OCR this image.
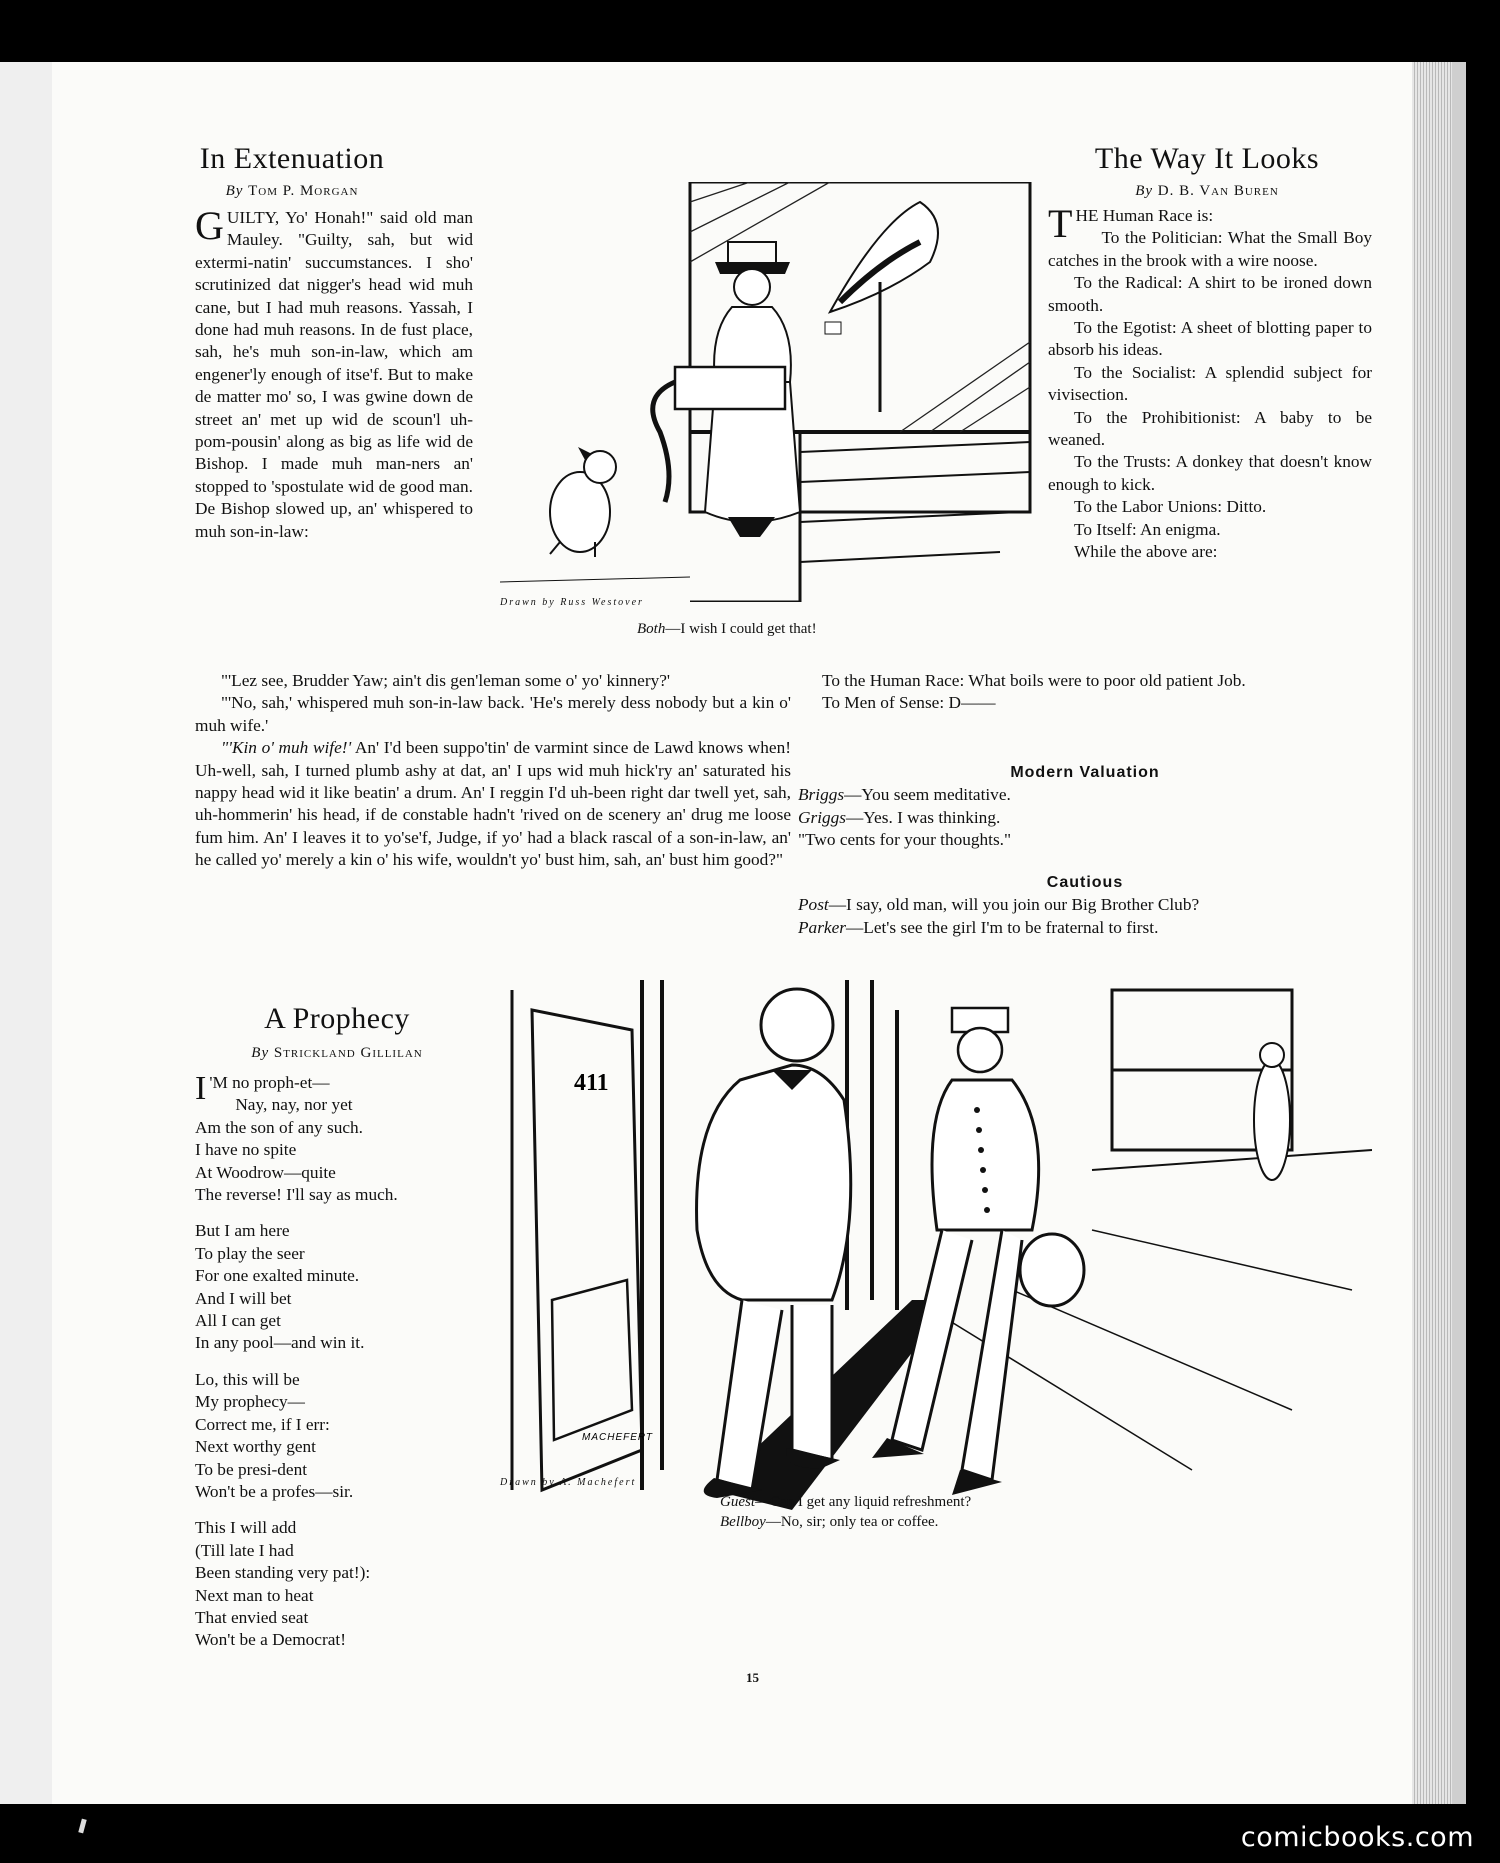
In Extenuation
By Tom P. Morgan
G UILTY, Yo' Honah!" said old man Mauley. "Guilty, sah, but wid extermi-natin' succumstances. I sho' scrutinized dat nigger's head wid muh cane, but I had muh reasons. Yassah, I done had muh reasons. In de fust place, sah, he's muh son-in-law, which am engener'ly enough of itse'f. But to make de matter mo' so, I was gwine down de street an' met up wid de scoun'l uh-pom-pousin' along as big as life wid de Bishop. I made muh man-ners an' stopped to 'spostulate wid de good man. De Bishop slowed up, an' whispered to muh son-in-law:

"'Lez see, Brudder Yaw; ain't dis gen'leman some o' yo' kinnery?'

"'No, sah,' whispered muh son-in-law back. 'He's merely dess nobody but a kin o' muh wife.'

"'Kin o' muh wife!' An' I'd been suppo'tin' de varmint since de Lawd knows when! Uh-well, sah, I turned plumb ashy at dat, an' I ups wid muh hick'ry an' saturated his nappy head wid it like beatin' a drum. An' I reggin I'd uh-been right dar twell yet, sah, uh-hommerin' his head, if de constable hadn't 'rived on de scenery an' drug me loose fum him. An' I leaves it to yo'se'f, Judge, if yo' had a black rascal of a son-in-law, an' he called yo' merely a kin o' his wife, wouldn't yo' bust him, sah, an' bust him good?"

Drawn by Russ Westover
Both—I wish I could get that!
The Way It Looks
By D. B. Van Buren

THE Human Race is:

To the Politician: What the Small Boy catches in the brook with a wire noose.

To the Radical: A shirt to be ironed down smooth.

To the Egotist: A sheet of blotting paper to absorb his ideas.

To the Socialist: A splendid subject for vivisection.

To the Prohibitionist: A baby to be weaned.

To the Trusts: A donkey that doesn't know enough to kick.

To the Labor Unions: Ditto.

To Itself: An enigma.

While the above are:

To the Human Race: What boils were to poor old patient Job.

To Men of Sense: D——

Modern Valuation

Briggs—You seem meditative.

Griggs—Yes. I was thinking.

"Two cents for your thoughts."

Cautious

Post—I say, old man, will you join our Big Brother Club?

Parker—Let's see the girl I'm to be fraternal to first.

A Prophecy
By Strickland Gillilan

I 'M no proph-et—

Nay, nay, nor yet

Am the son of any such.

I have no spite

At Woodrow—quite

The reverse! I'll say as much.

But I am here

To play the seer

For one exalted minute.

And I will bet

All I can get

In any pool—and win it.

Lo, this will be

My prophecy—

Correct me, if I err:

Next worthy gent

To be presi-dent

Won't be a profes—sir.

This I will add

(Till late I had

Been standing very pat!):

Next man to heat

That envied seat

Won't be a Democrat!

411
MACHEFERT
Drawn by A. Machefert

Guest—Can I get any liquid refreshment?

Bellboy—No, sir; only tea or coffee.

15
comicbooks.com
